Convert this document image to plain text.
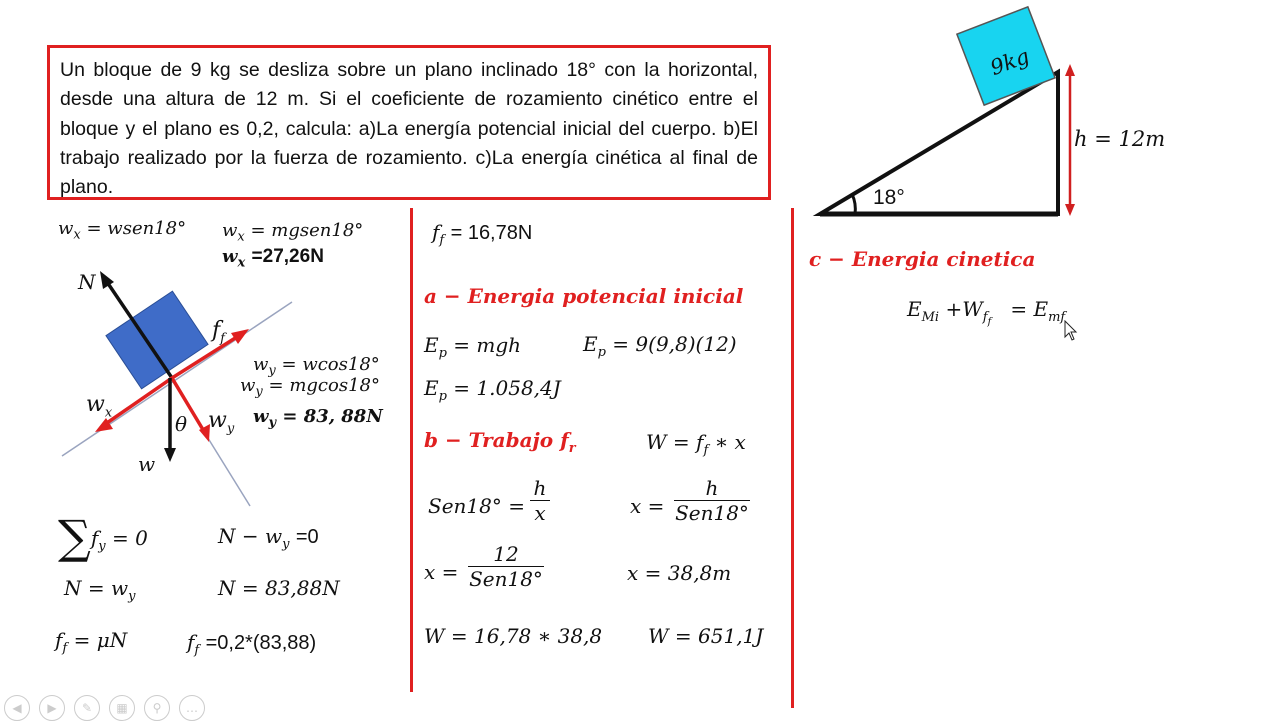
Un bloque de 9 kg se desliza sobre un plano inclinado 18° con la horizontal, desde una altura de 12 m. Si el coeficiente de rozamiento cinético entre el bloque y el plano es 0,2, calcula: a)La energía potencial inicial del cuerpo. b)El trabajo realizado por la fuerza de rozamiento. c)La energía cinética al final de plano.
9kg
18°
h = 12m
N
$f_f$
$w_x$	$w_y$
w
θ
$w_x$ = wsen18° $w_x$ = mgsen18°
$w_x =27,26N$
$w_y = wcos18^\circ$
$w_y = mgcos18^\circ$
$w_y = 83$, 88N
$\sum f_y = 0$	$N - w_y =0$
$N = w_y$	N = 83,88N
$f_f = \mu N$	$f_f =0,2*(83,88)$
$f_f = 16,78N$
a − Energia potencial inicial
$E_p$ = mgh	$E_p = 9(9,8)(12)$
$E_p = 1.058,4J$
b − Trabajo $f_r$	$W = f_f$ ∗ x
$Sen18^\circ = \frac{h}{x}$	x =
h
Sen18°
x =
12
Sen18°	x = 38,8m
W = 16,78 ∗ 38,8 W = 651,1J
c − Energia cinetica
$E_{Mi} +W_{f_f} = E_{mf}$
◀ ▶ ✎ ▦ ⚲ …
